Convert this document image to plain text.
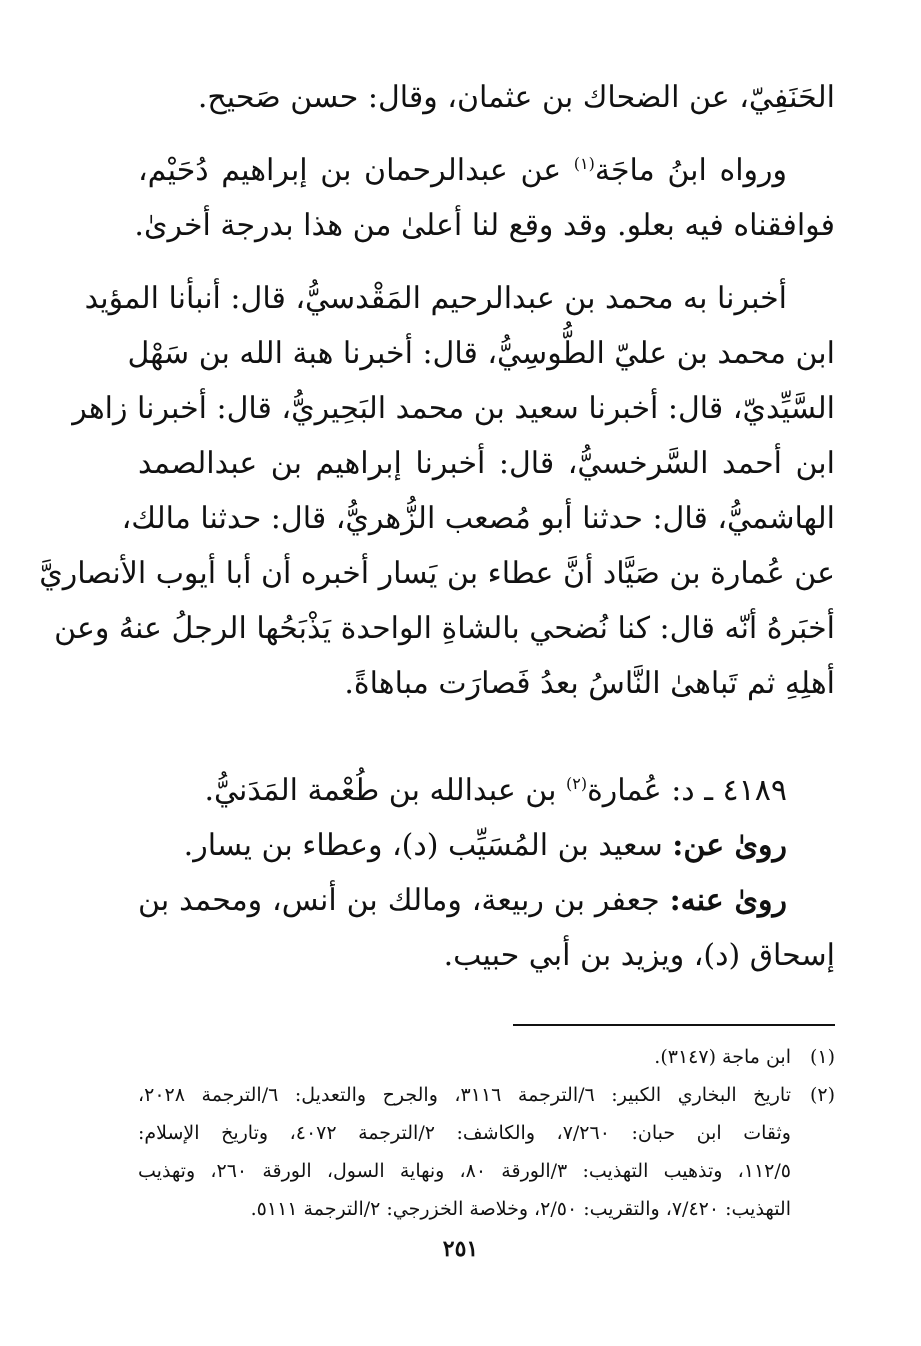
الحَنَفِيّ، عن الضحاك بن عثمان، وقال: حسن صَحيح.
ورواه ابنُ ماجَة$^{(١)}$ عن عبدالرحمان بن إبراهيم دُحَيْم،
فوافقناه فيه بعلو. وقد وقع لنا أعلىٰ من هذا بدرجة أخرىٰ.
أخبرنا به محمد بن عبدالرحيم المَقْدسيُّ، قال: أنبأنا المؤيد
ابن محمد بن عليّ الطُّوسِيُّ، قال: أخبرنا هبة الله بن سَهْل
السَّيِّديّ، قال: أخبرنا سعيد بن محمد البَحِيريُّ، قال: أخبرنا زاهر
ابن أحمد السَّرخسيُّ، قال: أخبرنا إبراهيم بن عبدالصمد
الهاشميُّ، قال: حدثنا أبو مُصعب الزُّهريُّ، قال: حدثنا مالك،
عن عُمارة بن صَيَّاد أنَّ عطاء بن يَسار أخبره أن أبا أيوب الأنصاريَّ
أخبَرهُ أنّه قال: كنا نُضحي بالشاةِ الواحدة يَذْبَحُها الرجلُ عنهُ وعن
أهلِهِ ثم تَباهىٰ النَّاسُ بعدُ فَصارَت مباهاةً.
٤١٨٩ ـ د: عُمارة$^{(٢)}$ بن عبدالله بن طُعْمة المَدَنيُّ.
روىٰ عن: سعيد بن المُسَيِّب (د)، وعطاء بن يسار.
روىٰ عنه: جعفر بن ربيعة، ومالك بن أنس، ومحمد بن
إسحاق (د)، ويزيد بن أبي حبيب.
(١)
ابن ماجة (٣١٤٧).
(٢)
تاريخ البخاري الكبير: ٦/الترجمة ٣١١٦، والجرح والتعديل: ٦/الترجمة ٢٠٢٨،
وثقات ابن حبان: ٧/٢٦٠، والكاشف: ٢/الترجمة ٤٠٧٢، وتاريخ الإسلام:
١١٢/٥، وتذهيب التهذيب: ٣/الورقة ٨٠، ونهاية السول، الورقة ٢٦٠، وتهذيب
التهذيب: ٧/٤٢٠، والتقريب: ٢/٥٠، وخلاصة الخزرجي: ٢/الترجمة ٥١١١.
٢٥١
